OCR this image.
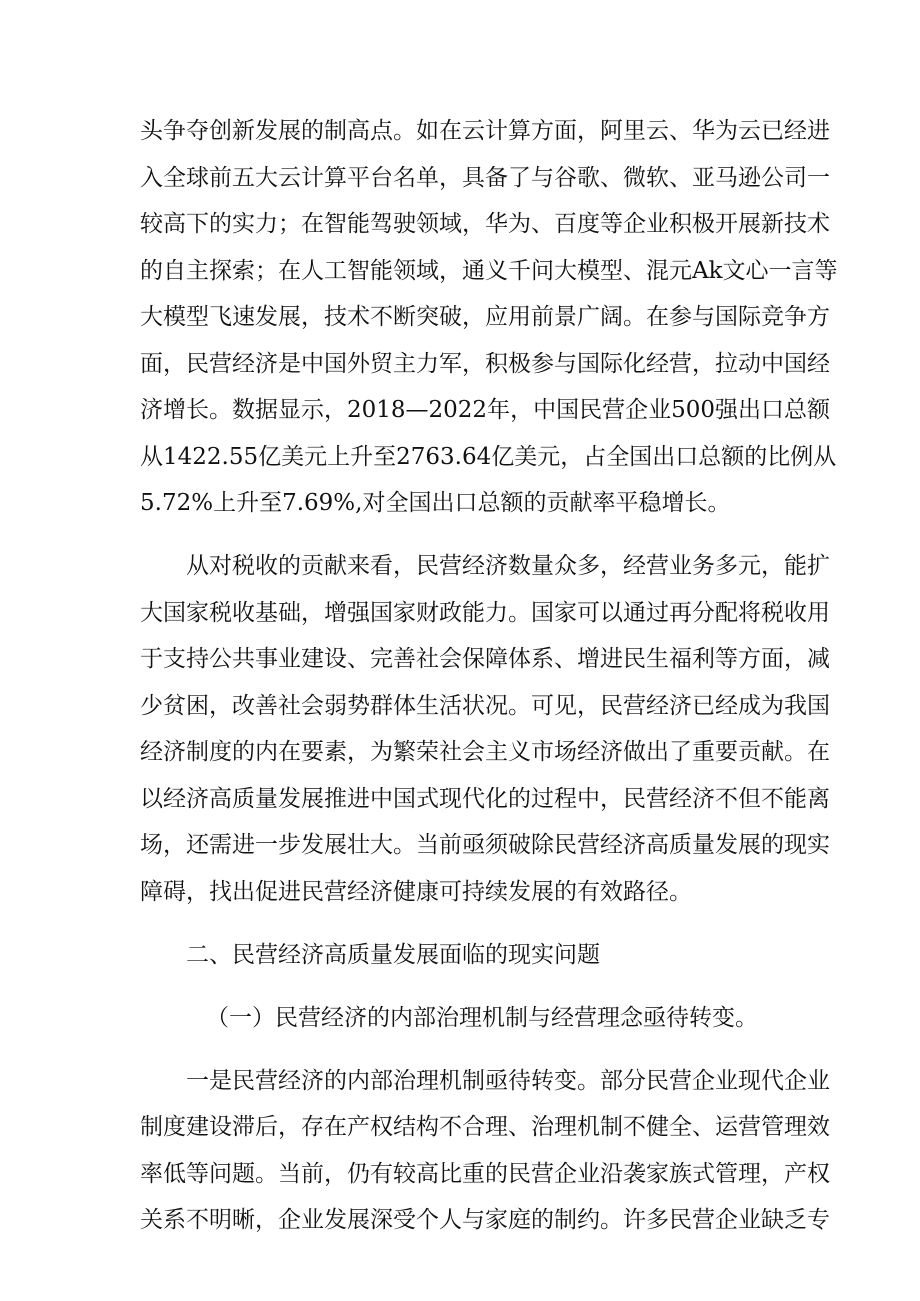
头争夺创新发展的制高点。如在云计算方面，阿里云、华为云已经进
入全球前五大云计算平台名单，具备了与谷歌、微软、亚马逊公司一
较高下的实力；在智能驾驶领域，华为、百度等企业积极开展新技术
的自主探索；在人工智能领域，通义千问大模型、混元Ak文心一言等
大模型飞速发展，技术不断突破，应用前景广阔。在参与国际竞争方
面，民营经济是中国外贸主力军，积极参与国际化经营，拉动中国经
济增长。数据显示，2018—2022年，中国民营企业500强出口总额
从1422.55亿美元上升至2763.64亿美元，占全国出口总额的比例从
5.72%上升至7.69%,对全国出口总额的贡献率平稳增长。
从对税收的贡献来看，民营经济数量众多，经营业务多元，能扩
大国家税收基础，增强国家财政能力。国家可以通过再分配将税收用
于支持公共事业建设、完善社会保障体系、增进民生福利等方面，减
少贫困，改善社会弱势群体生活状况。可见，民营经济已经成为我国
经济制度的内在要素，为繁荣社会主义市场经济做出了重要贡献。在
以经济高质量发展推进中国式现代化的过程中，民营经济不但不能离
场，还需进一步发展壮大。当前亟须破除民营经济高质量发展的现实
障碍，找出促进民营经济健康可持续发展的有效路径。
二、民营经济高质量发展面临的现实问题
（一）民营经济的内部治理机制与经营理念亟待转变。
一是民营经济的内部治理机制亟待转变。部分民营企业现代企业
制度建设滞后，存在产权结构不合理、治理机制不健全、运营管理效
率低等问题。当前，仍有较高比重的民营企业沿袭家族式管理，产权
关系不明晰，企业发展深受个人与家庭的制约。许多民营企业缺乏专
